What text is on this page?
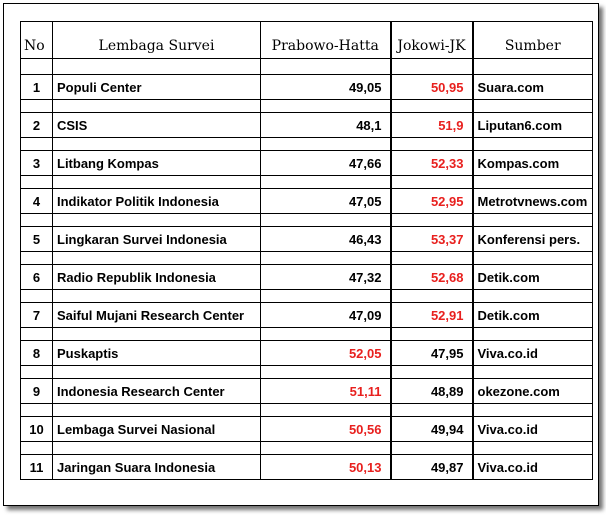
No	Lembaga Survei	Prabowo-Hatta	Jokowi-JK	Sumber

1	Populi Center	49,05	50,95	Suara.com

2	CSIS	48,1	51,9	Liputan6.com

3	Litbang Kompas	47,66	52,33	Kompas.com

4	Indikator Politik Indonesia	47,05	52,95	Metrotvnews.com

5	Lingkaran Survei Indonesia	46,43	53,37	Konferensi pers.

6	Radio Republik Indonesia	47,32	52,68	Detik.com

7	Saiful Mujani Research Center	47,09	52,91	Detik.com

8	Puskaptis	52,05	47,95	Viva.co.id

9	Indonesia Research Center	51,11	48,89	okezone.com

10	Lembaga Survei Nasional	50,56	49,94	Viva.co.id

11	Jaringan Suara Indonesia	50,13	49,87	Viva.co.id
